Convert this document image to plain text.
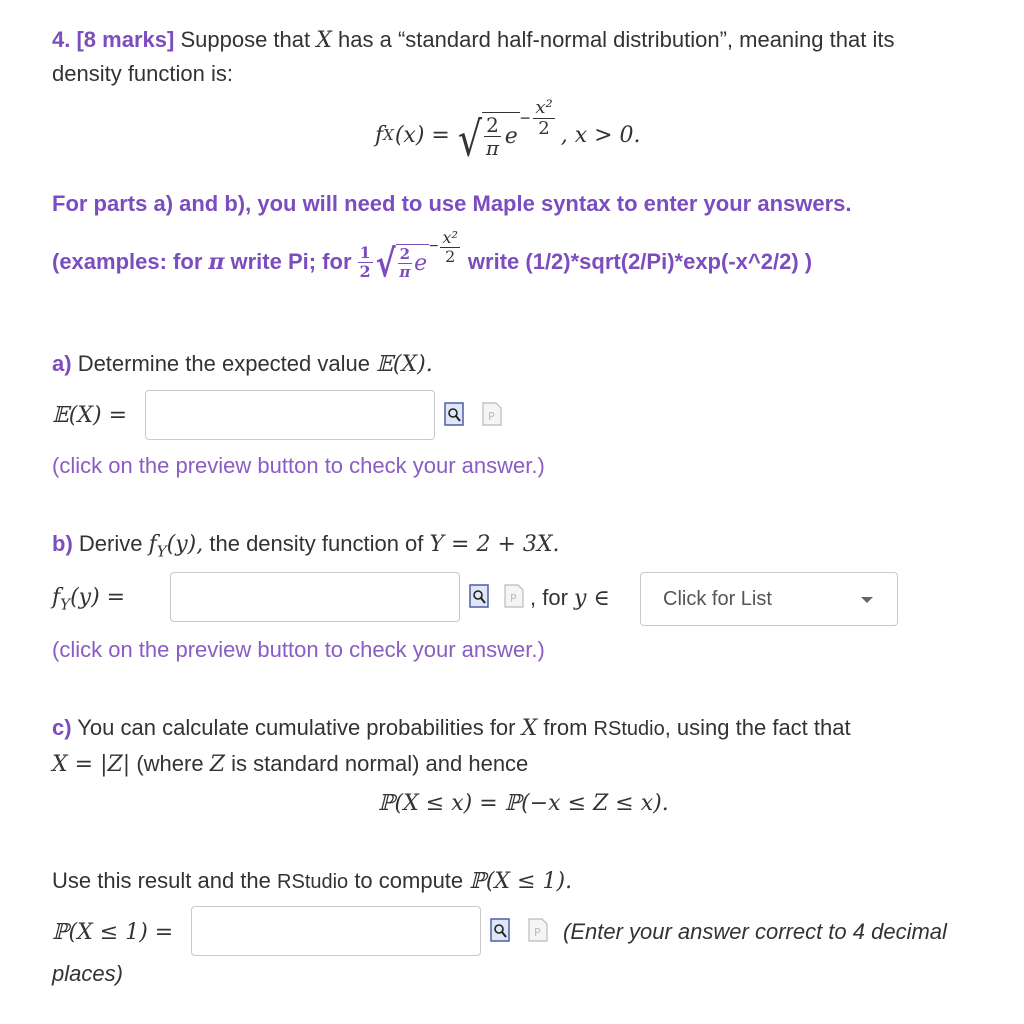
4. [8 marks] Suppose that X has a “standard half-normal distribution”, meaning that its
density function is:
f X (x) = √ $\frac{2}{\pi}$ e
− $\frac{\text{x²}}{2}$ , x > 0.
For parts a) and b), you will need to use Maple syntax to enter your answers.
(examples: for π write Pi; for $\frac{1}{2}$ √ $\frac{2}{\pi}$ e
− $\frac{\text{x²}}{2}$ write (1/2)*sqrt(2/Pi)*exp(-x^2/2) )
a) Determine the expected value 𝔼(X).
𝔼(X) =	P
(click on the preview button to check your answer.)
b) Derive $f_Y(y)$, the density function of Y = 2 + 3X.
$f_Y(y)$ =	P , for y ∈	Click for List
(click on the preview button to check your answer.)
c) You can calculate cumulative probabilities for X from RStudio, using the fact that
X = |Z| (where Z is standard normal) and hence
ℙ(X ≤ x) = ℙ(−x ≤ Z ≤ x).
Use this result and the RStudio to compute ℙ(X ≤ 1).
ℙ(X ≤ 1) =	P (Enter your answer correct to 4 decimal
places)
